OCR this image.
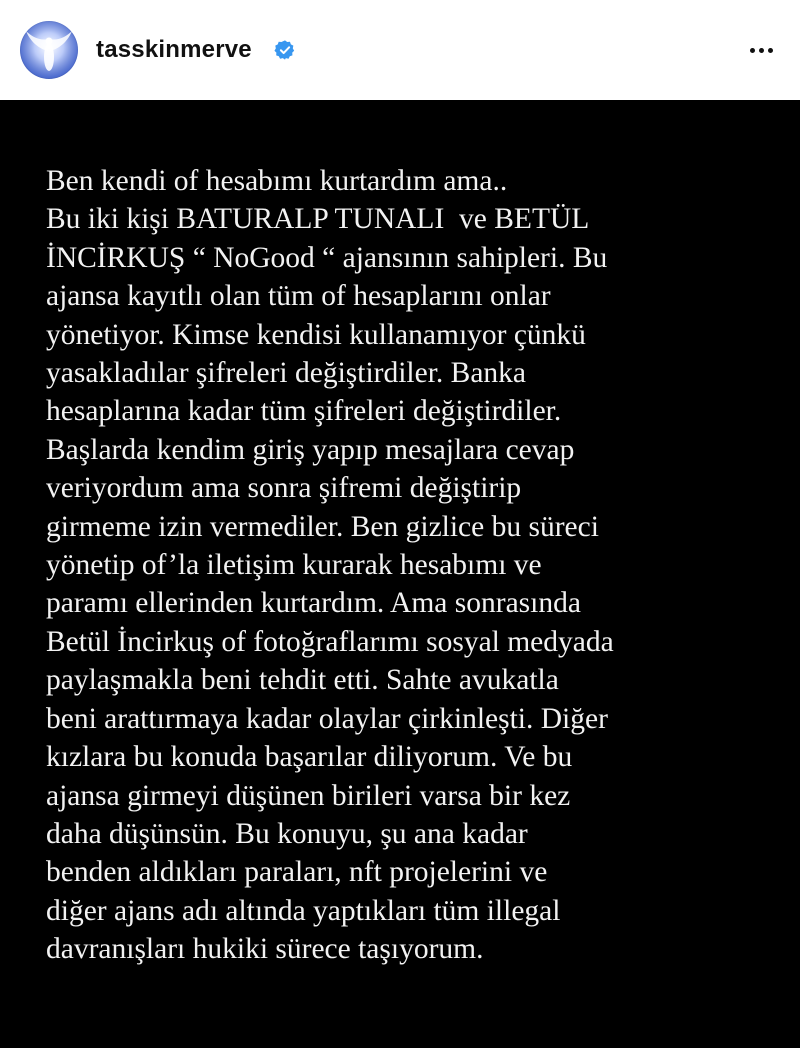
tasskinmerve
Ben kendi of hesabımı kurtardım ama..
Bu iki kişi BATURALP TUNALI  ve BETÜL
İNCİRKUŞ “ NoGood “ ajansının sahipleri. Bu
ajansa kayıtlı olan tüm of hesaplarını onlar
yönetiyor. Kimse kendisi kullanamıyor çünkü
yasakladılar şifreleri değiştirdiler. Banka
hesaplarına kadar tüm şifreleri değiştirdiler.
Başlarda kendim giriş yapıp mesajlara cevap
veriyordum ama sonra şifremi değiştirip
girmeme izin vermediler. Ben gizlice bu süreci
yönetip of’la iletişim kurarak hesabımı ve
paramı ellerinden kurtardım. Ama sonrasında
Betül İncirkuş of fotoğraflarımı sosyal medyada
paylaşmakla beni tehdit etti. Sahte avukatla
beni arattırmaya kadar olaylar çirkinleşti. Diğer
kızlara bu konuda başarılar diliyorum. Ve bu
ajansa girmeyi düşünen birileri varsa bir kez
daha düşünsün. Bu konuyu, şu ana kadar
benden aldıkları paraları, nft projelerini ve
diğer ajans adı altında yaptıkları tüm illegal
davranışları hukiki sürece taşıyorum.
